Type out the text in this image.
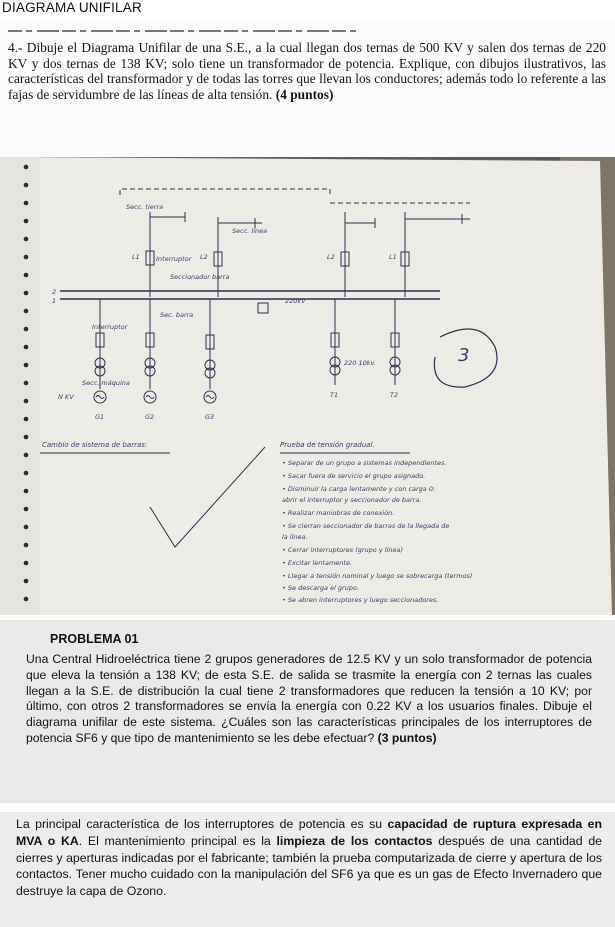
DIAGRAMA UNIFILAR
4.- Dibuje el Diagrama Unifilar de una S.E., a la cual llegan dos ternas de 500 KV y salen dos ternas de 220 KV y dos ternas de 138 KV; solo tiene un transformador de potencia. Explique, con dibujos ilustrativos, las características del transformador y de todas las torres que llevan los conductores; además todo lo referente a las fajas de servidumbre de las líneas de alta tensión. (4 puntos)
Secc. tierra
Secc. línea
Interruptor
Seccionador barra
Sec. barra
Interruptor
Secc. máquina
N KV
L1	L2	L2	L1
2
1	220kV
G1	G2	G3
T1	T2
220 10kv.	3
Cambio de sistema de barras:	Prueba de tensión gradual.
• Separar de un grupo a sistemas independientes.
• Sacar fuera de servicio el grupo asignado.
• Disminuir la carga lentamente y con carga 0:
abrir el interruptor y seccionador de barra.
• Realizar maniobras de conexión.
• Se cierran seccionador de barras de la llegada de
la línea.
• Cerrar interruptores (grupo y línea)
• Excitar lentamente.
• Llegar a tensión nominal y luego se sobrecarga (termos)
• Se descarga el grupo.
• Se abren interruptores y luego seccionadores.
PROBLEMA 01
Una Central Hidroeléctrica tiene 2 grupos generadores de 12.5 KV y un solo transformador de potencia que eleva la tensión a 138 KV; de esta S.E. de salida se trasmite la energía con 2 ternas las cuales llegan a la S.E. de distribución la cual tiene 2 transformadores que reducen la tensión a 10 KV; por último, con otros 2 transformadores se envía la energía con 0.22 KV a los usuarios finales. Dibuje el diagrama unifilar de este sistema. ¿Cuáles son las características principales de los interruptores de potencia SF6 y que tipo de mantenimiento se les debe efectuar? (3 puntos)
La principal característica de los interruptores de potencia es su capacidad de ruptura expresada en MVA o KA. El mantenimiento principal es la limpieza de los contactos después de una cantidad de cierres y aperturas indicadas por el fabricante; también la prueba computarizada de cierre y apertura de los contactos. Tener mucho cuidado con la manipulación del SF6 ya que es un gas de Efecto Invernadero que destruye la capa de Ozono.
